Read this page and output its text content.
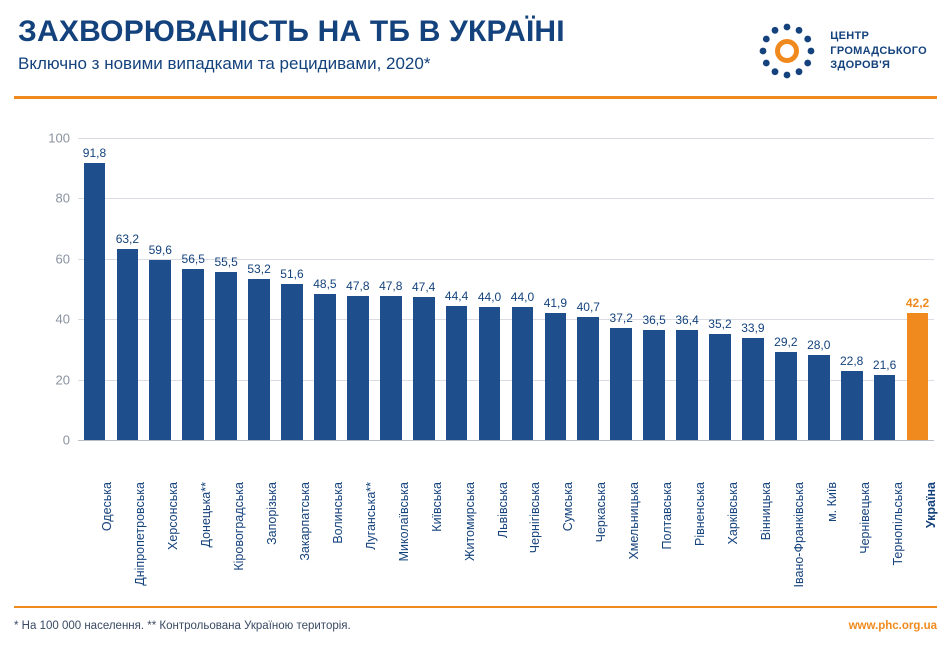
ЗАХВОРЮВАНІСТЬ НА ТБ В УКРАЇНІ

Включно з новими випадками та рецидивами, 2020*

ЦЕНТР
ГРОМАДСЬКОГО
ЗДОРОВ'Я
0
20
40
60
80
100
91,8
Одеська
63,2
Дніпропетровська
59,6
Херсонська
56,5
Донецька**
55,5
Кіровоградська
53,2
Запорізька
51,6
Закарпатська
48,5
Волинська
47,8
Луганська**
47,8
Миколаївська
47,4
Київська
44,4
Житомирська
44,0
Львівська
44,0
Чернігівська
41,9
Сумська
40,7
Черкаська
37,2
Хмельницька
36,5
Полтавська
36,4
Рівненська
35,2
Харківська
33,9
Вінницька
29,2
Івано-Франківська
28,0
м. Київ
22,8
Чернівецька
21,6
Тернопільська
42,2
Україна
* На 100 000 населення. ** Контрольована Україною територія.	www.phc.org.ua
